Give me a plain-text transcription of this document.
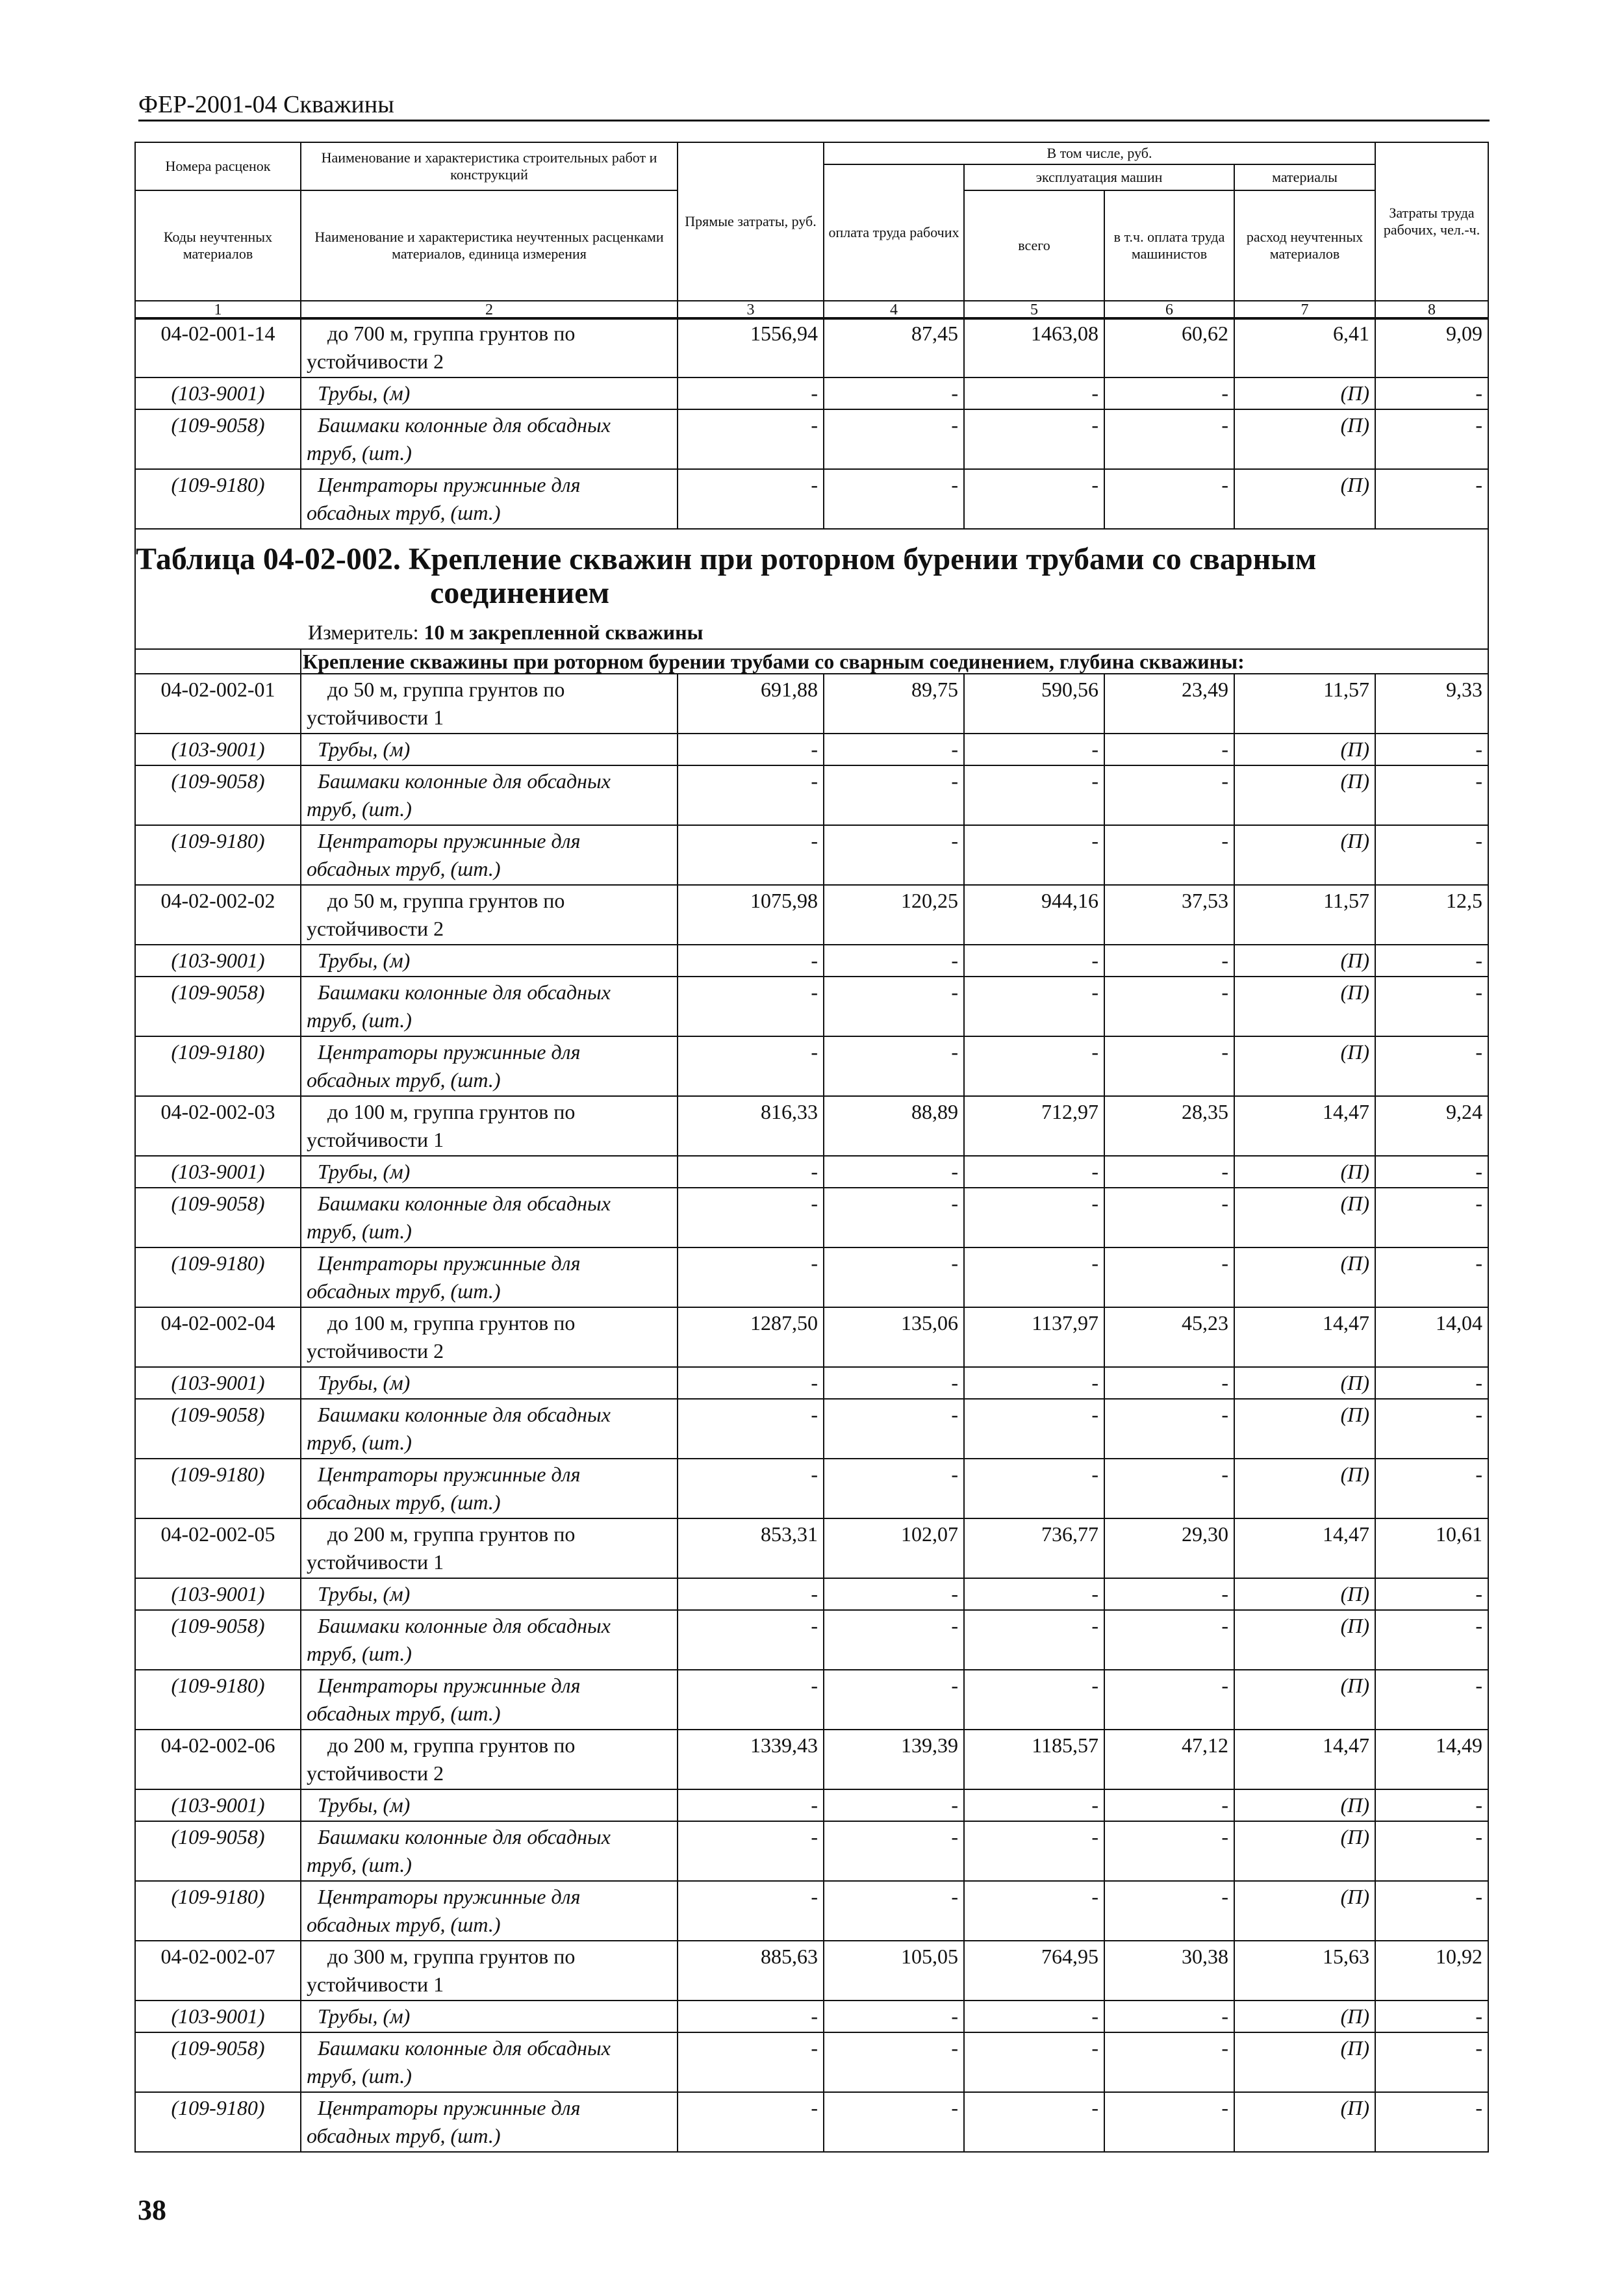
ФЕР-2001-04 Скважины
Номера расценок	Наименование и характеристика строительных работ и конструкций	Прямые затраты, руб.	В том числе, руб.				Затраты труда рабочих, чел.-ч.
			оплата труда рабочих	эксплуатация машин		материалы	
Коды неучтенных материалов	Наименование и характеристика неучтенных расценками материалов, единица измерения			всего	в т.ч. оплата труда машинистов	расход неучтенных материалов	

1	2	3	4	5	6	7	8
04-02-001-14	до 700 м, группа грунтов по
устойчивости 2	1556,94	87,45	1463,08	60,62	6,41	9,09
(103-9001)	Трубы, (м)	-	-	-	-	(П)	-
(109-9058)	Башмаки колонные для обсадных
труб, (шт.)	-	-	-	-	(П)	-
(109-9180)	Центраторы пружинные для
обсадных труб, (шт.)	-	-	-	-	(П)	-

Таблица 04-02-002. Крепление скважин при роторном бурении трубами со сварным
соединением
Измеритель: 10 м закрепленной скважины							

	Крепление скважины при роторном бурении трубами со сварным соединением, глубина скважины:						
04-02-002-01	до 50 м, группа грунтов по
устойчивости 1	691,88	89,75	590,56	23,49	11,57	9,33
(103-9001)	Трубы, (м)	-	-	-	-	(П)	-
(109-9058)	Башмаки колонные для обсадных
труб, (шт.)	-	-	-	-	(П)	-
(109-9180)	Центраторы пружинные для
обсадных труб, (шт.)	-	-	-	-	(П)	-
04-02-002-02	до 50 м, группа грунтов по
устойчивости 2	1075,98	120,25	944,16	37,53	11,57	12,5
(103-9001)	Трубы, (м)	-	-	-	-	(П)	-
(109-9058)	Башмаки колонные для обсадных
труб, (шт.)	-	-	-	-	(П)	-
(109-9180)	Центраторы пружинные для
обсадных труб, (шт.)	-	-	-	-	(П)	-
04-02-002-03	до 100 м, группа грунтов по
устойчивости 1	816,33	88,89	712,97	28,35	14,47	9,24
(103-9001)	Трубы, (м)	-	-	-	-	(П)	-
(109-9058)	Башмаки колонные для обсадных
труб, (шт.)	-	-	-	-	(П)	-
(109-9180)	Центраторы пружинные для
обсадных труб, (шт.)	-	-	-	-	(П)	-
04-02-002-04	до 100 м, группа грунтов по
устойчивости 2	1287,50	135,06	1137,97	45,23	14,47	14,04
(103-9001)	Трубы, (м)	-	-	-	-	(П)	-
(109-9058)	Башмаки колонные для обсадных
труб, (шт.)	-	-	-	-	(П)	-
(109-9180)	Центраторы пружинные для
обсадных труб, (шт.)	-	-	-	-	(П)	-
04-02-002-05	до 200 м, группа грунтов по
устойчивости 1	853,31	102,07	736,77	29,30	14,47	10,61
(103-9001)	Трубы, (м)	-	-	-	-	(П)	-
(109-9058)	Башмаки колонные для обсадных
труб, (шт.)	-	-	-	-	(П)	-
(109-9180)	Центраторы пружинные для
обсадных труб, (шт.)	-	-	-	-	(П)	-
04-02-002-06	до 200 м, группа грунтов по
устойчивости 2	1339,43	139,39	1185,57	47,12	14,47	14,49
(103-9001)	Трубы, (м)	-	-	-	-	(П)	-
(109-9058)	Башмаки колонные для обсадных
труб, (шт.)	-	-	-	-	(П)	-
(109-9180)	Центраторы пружинные для
обсадных труб, (шт.)	-	-	-	-	(П)	-
04-02-002-07	до 300 м, группа грунтов по
устойчивости 1	885,63	105,05	764,95	30,38	15,63	10,92
(103-9001)	Трубы, (м)	-	-	-	-	(П)	-
(109-9058)	Башмаки колонные для обсадных
труб, (шт.)	-	-	-	-	(П)	-
(109-9180)	Центраторы пружинные для
обсадных труб, (шт.)	-	-	-	-	(П)	-
38
